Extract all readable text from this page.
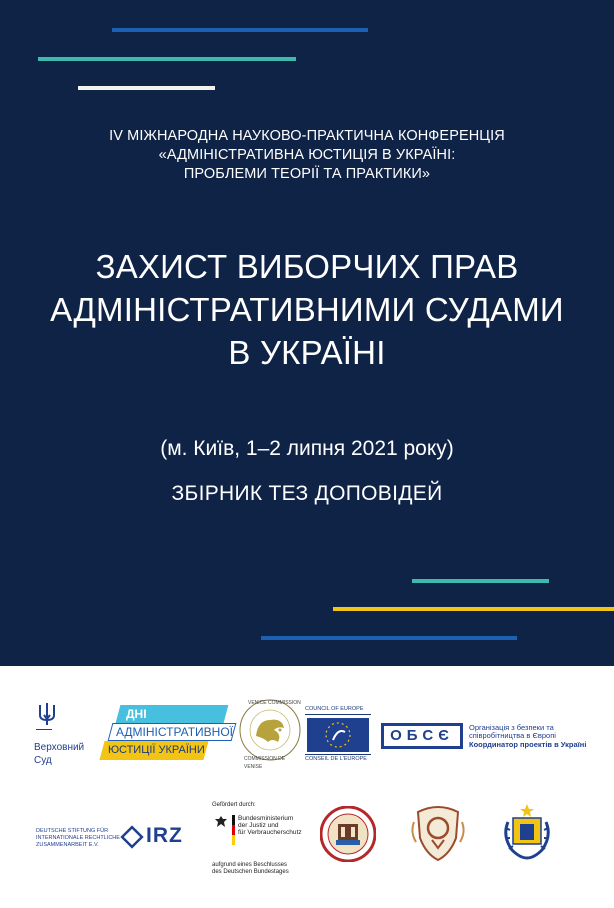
IV МІЖНАРОДНА НАУКОВО-ПРАКТИЧНА КОНФЕРЕНЦІЯ
«АДМІНІСТРАТИВНА ЮСТИЦІЯ В УКРАЇНІ:
ПРОБЛЕМИ ТЕОРІЇ ТА ПРАКТИКИ»
ЗАХИСТ ВИБОРЧИХ ПРАВ
АДМІНІСТРАТИВНИМИ СУДАМИ
В УКРАЇНІ
(м. Київ, 1–2 липня 2021 року)
ЗБІРНИК ТЕЗ ДОПОВІДЕЙ
Верховний
Суд
ДНІ
АДМІНІСТРАТИВНОЇ
ЮСТИЦІЇ УКРАЇНИ
VENICE COMMISSION
COMMISSION DE VENISE
COUNCIL OF EUROPE
CONSEIL DE L'EUROPE
ОБСЄ	Організація з безпеки та
співробітництва в Європі
Координатор проектів в Україні
DEUTSCHE STIFTUNG FÜR
INTERNATIONALE RECHTLICHE
ZUSAMMENARBEIT E.V. IRZ
Gefördert durch:
Bundesministerium
der Justiz und
für Verbraucherschutz
aufgrund eines Beschlusses
des Deutschen Bundestages
